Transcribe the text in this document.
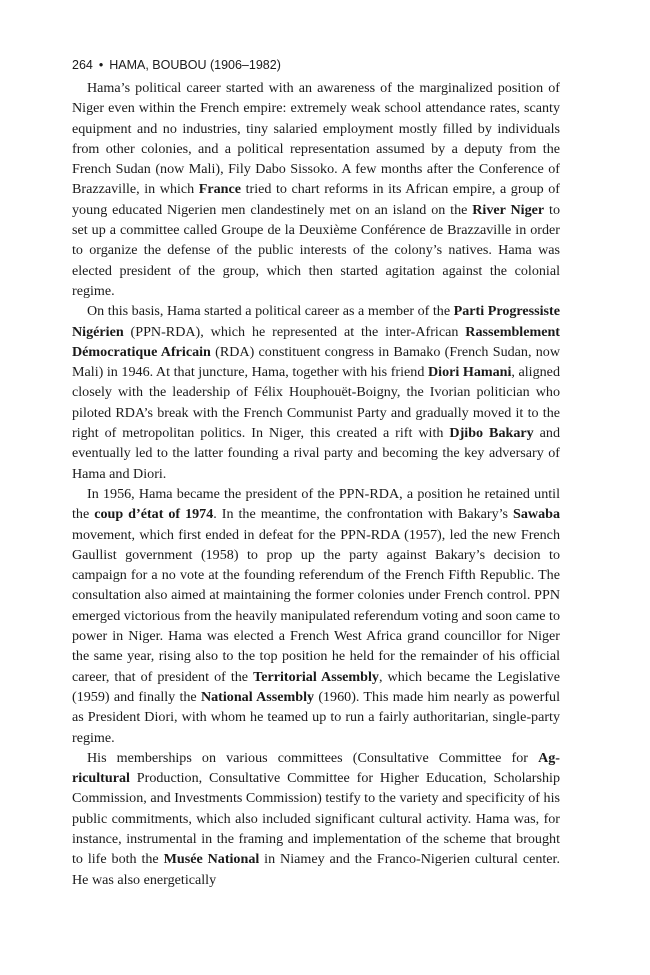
264 • HAMA, BOUBOU (1906–1982)

Hama’s political career started with an awareness of the marginalized position of Niger even within the French empire: extremely weak school attendance rates, scanty equipment and no industries, tiny salaried employment mostly filled by individuals from other colonies, and a political representation assumed by a deputy from the French Sudan (now Mali), Fily Dabo Sissoko. A few months after the Conference of Brazzaville, in which France tried to chart reforms in its African empire, a group of young educated Nigerien men clandestinely met on an island on the River Niger to set up a committee called Groupe de la Deuxième Conférence de Brazzaville in order to organize the defense of the public interests of the colony’s natives. Hama was elected president of the group, which then started agitation against the colonial regime.

On this basis, Hama started a political career as a member of the Parti Progressiste Nigérien (PPN-RDA), which he represented at the inter-African Rassemblement Démocratique Africain (RDA) constituent congress in Bamako (French Sudan, now Mali) in 1946. At that juncture, Hama, together with his friend Diori Hamani, aligned closely with the leadership of Félix Houphouët-Boigny, the Ivorian politician who piloted RDA’s break with the French Communist Party and gradually moved it to the right of metropolitan politics. In Niger, this created a rift with Djibo Bakary and eventually led to the latter founding a rival party and becoming the key adversary of Hama and Diori.

In 1956, Hama became the president of the PPN-RDA, a position he retained until the coup d’état of 1974. In the meantime, the confrontation with Bakary’s Sawaba movement, which first ended in defeat for the PPN-RDA (1957), led the new French Gaullist government (1958) to prop up the party against Bakary’s decision to campaign for a no vote at the founding referendum of the French Fifth Republic. The consultation also aimed at maintaining the former colonies under French control. PPN emerged victorious from the heavily manipulated referendum voting and soon came to power in Niger. Hama was elected a French West Africa grand councillor for Niger the same year, rising also to the top position he held for the remainder of his official career, that of president of the Territorial Assembly, which became the Legislative (1959) and finally the National Assembly (1960). This made him nearly as powerful as President Diori, with whom he teamed up to run a fairly authoritarian, single-party regime.

His memberships on various committees (Consultative Committee for Agricultural Production, Consultative Committee for Higher Education, Scholarship Commission, and Investments Commission) testify to the variety and specificity of his public commitments, which also included significant cultural activity. Hama was, for instance, instrumental in the framing and implementation of the scheme that brought to life both the Musée National in Niamey and the Franco-Nigerien cultural center. He was also energetically
